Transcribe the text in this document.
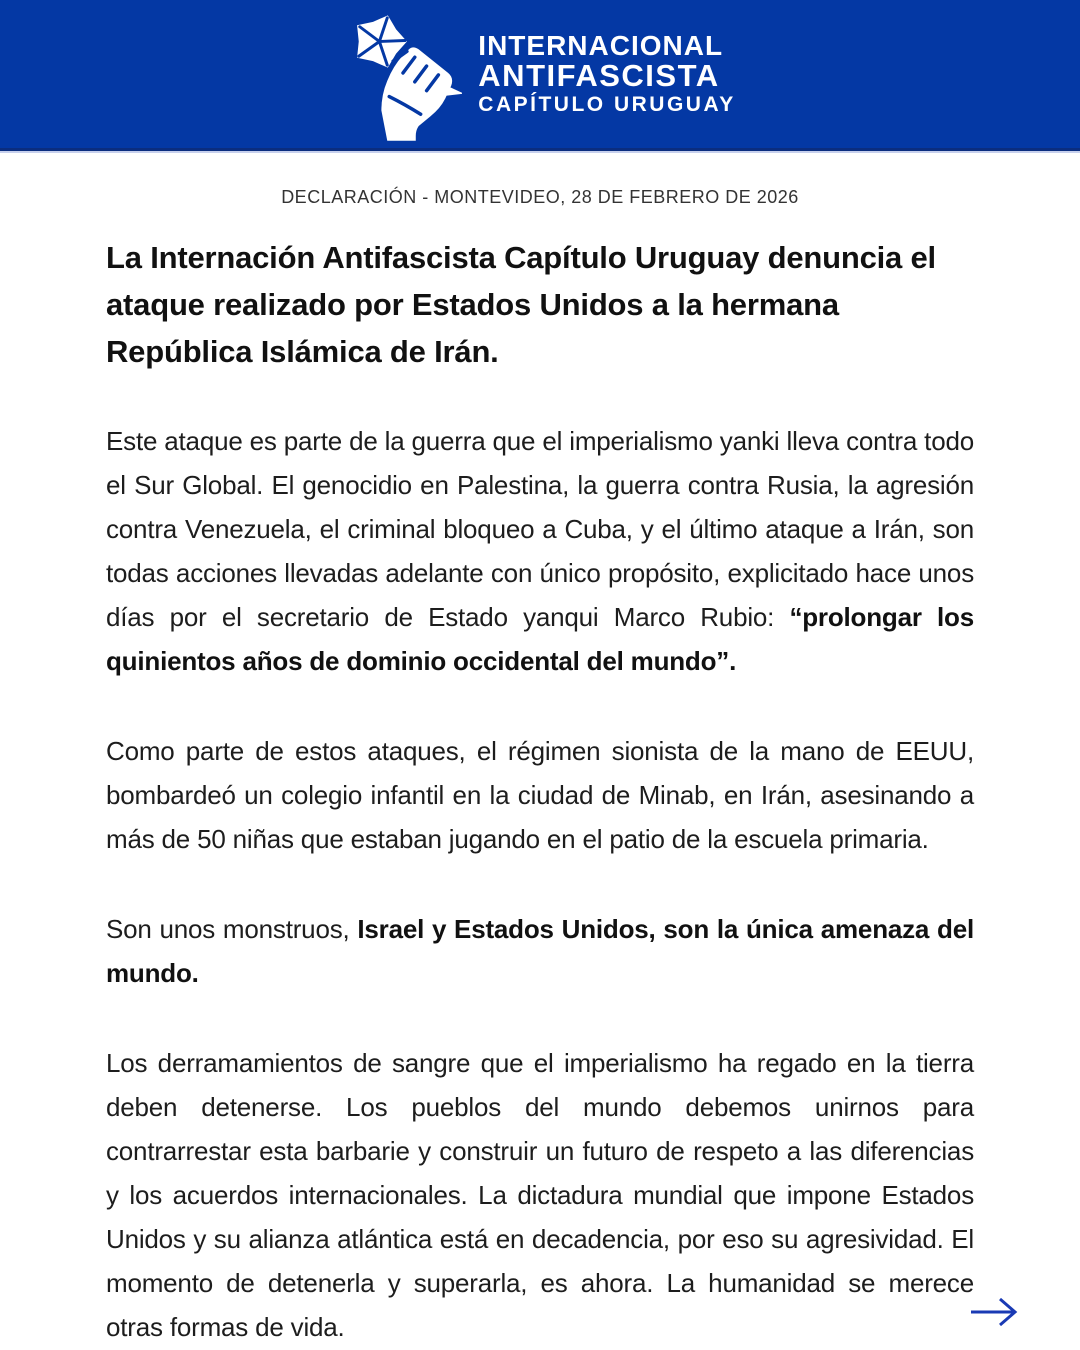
INTERNACIONAL
ANTIFASCISTA
CAPÍTULO URUGUAY

DECLARACIÓN - MONTEVIDEO, 28 DE FEBRERO DE 2026

La Internación Antifascista Capítulo Uruguay denuncia el ataque realizado por Estados Unidos a la hermana República Islámica de Irán.

Este ataque es parte de la guerra que el imperialismo yanki lleva contra todo el Sur Global. El genocidio en Palestina, la guerra contra Rusia, la agresión contra Venezuela, el criminal bloqueo a Cuba, y el último ataque a Irán, son todas acciones llevadas adelante con único propósito, explicitado hace unos días por el secretario de Estado yanqui Marco Rubio: “prolongar los quinientos años de dominio occidental del mundo”.

Como parte de estos ataques, el régimen sionista de la mano de EEUU, bombardeó un colegio infantil en la ciudad de Minab, en Irán, asesinando a más de 50 niñas que estaban jugando en el patio de la escuela primaria.

Son unos monstruos, Israel y Estados Unidos, son la única amenaza del mundo.

Los derramamientos de sangre que el imperialismo ha regado en la tierra deben detenerse. Los pueblos del mundo debemos unirnos para contrarrestar esta barbarie y construir un futuro de respeto a las diferencias y los acuerdos internacionales. La dictadura mundial que impone Estados Unidos y su alianza atlántica está en decadencia, por eso su agresividad. El momento de detenerla y superarla, es ahora. La humanidad se merece otras formas de vida.
